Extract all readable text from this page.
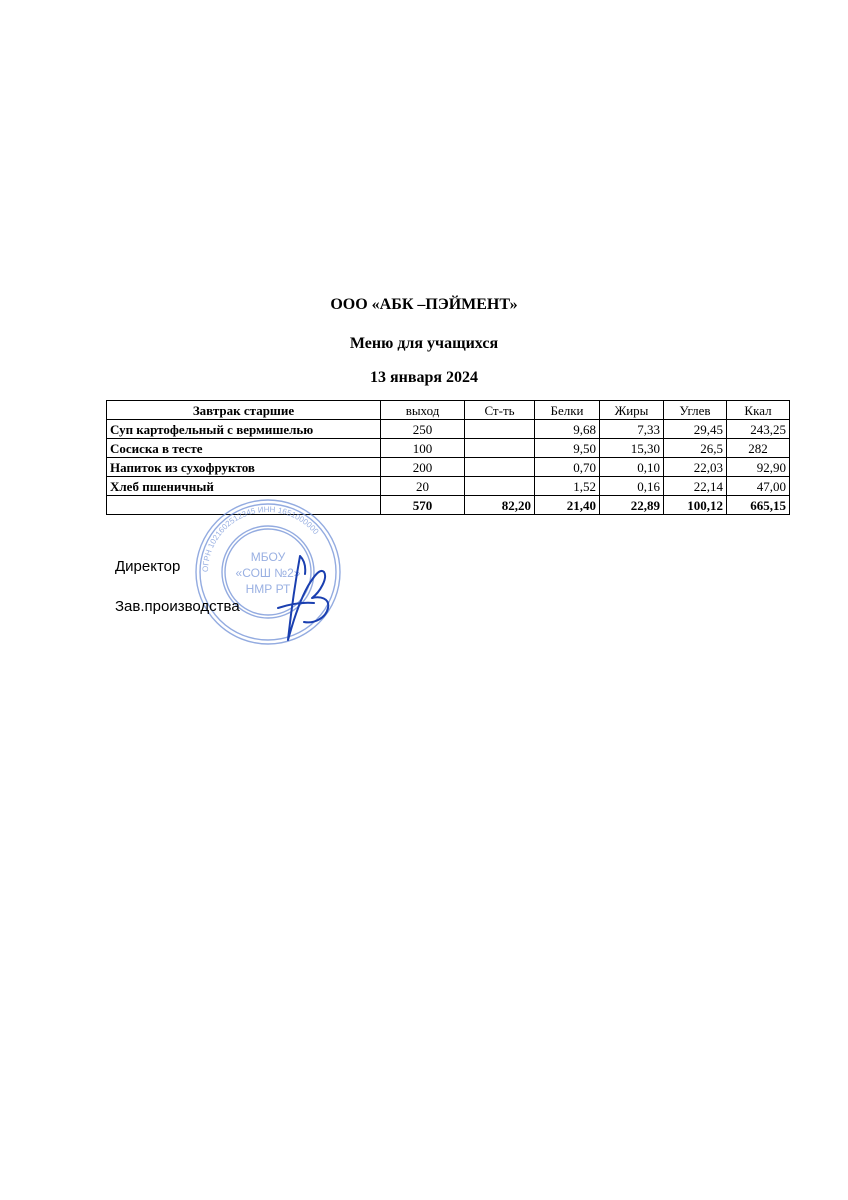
ООО «АБК –ПЭЙМЕНТ»
Меню для учащихся
13 января 2024
Завтрак старшие	выход	Ст-ть	Белки	Жиры	Углев	Ккал
Суп картофельный с вермишелью	250		9,68	7,33	29,45	243,25
Сосиска в тесте	100		9,50	15,30	26,5	282
Напиток из сухофруктов	200		0,70	0,10	22,03	92,90
Хлеб пшеничный	20		1,52	0,16	22,14	47,00
	570	82,20	21,40	22,89	100,12	665,15
ОГРН 1021602512345 ИНН 1651000000
МБОУ
«СОШ №2»
НМР РТ
Директор
Зав.производства
